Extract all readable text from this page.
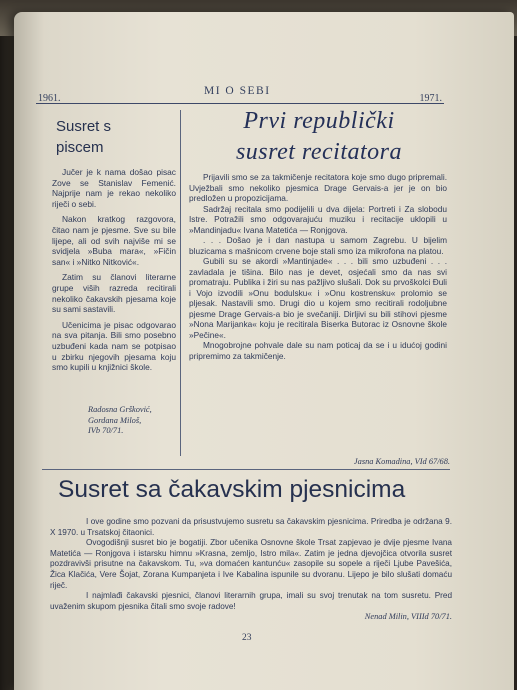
1961.
MI O SEBI
1971.
Susret s
piscem

Jučer je k nama došao pisac Zove se Stanislav Femenić. Najprije nam je rekao nekoliko riječi o sebi.

Nakon kratkog razgovora, čitao nam je pjesme. Sve su bile lijepe, ali od svih najviše mi se svidjela »Buba mara«, »Fičin san« i »Nitko Nitković«.

Zatim su članovi literarne grupe viših razreda recitirali nekoliko čakavskih pjesama koje su sami sastavili.

Učenicima je pisac odgovarao na sva pitanja. Bili smo posebno uzbuđeni kada nam se potpisao u zbirku njegovih pjesama koju smo kupili u knjižnici škole.

Radosna Gršković,
Gordana Miloš,
IVb 70/71.
Prvi republički
susret recitatora

Prijavili smo se za takmičenje recitatora koje smo dugo pripremali. Uvježbali smo nekoliko pjesmica Drage Gervais-a jer je on bio predložen u propozicijama.

Sadržaj recitala smo podijelili u dva dijela: Portreti i Za slobodu Istre. Potražili smo odgovarajuću muziku i recitacije uklopili u »Mandinjadu« Ivana Matetića — Ronjgova.

. . . Došao je i dan nastupa u samom Zagrebu. U bijelim bluzicama s mašnicom crvene boje stali smo iza mikrofona na platou.

Gubili su se akordi »Mantinjade« . . . bili smo uzbuđeni . . . zavladala je tišina. Bilo nas je devet, osjećali smo da nas svi promatraju. Publika i žiri su nas pažljivo slušali. Dok su prvoškolci Đuli i Vojo izvodili »Onu bodulsku« i »Onu kostrensku« prolomio se pljesak. Nastavili smo. Drugi dio u kojem smo recitirali rodoljubne pjesme Drage Gervais-a bio je svečaniji. Dirljivi su bili stihovi pjesme »Nona Marijanka« koju je recitirala Biserka Butorac iz Osnovne škole »Pečine«.

Mnogobrojne pohvale dale su nam poticaj da se i u idućoj godini pripremimo za takmičenje.

Jasna Komadina, VId 67/68.
Susret sa čakavskim pjesnicima

I ove godine smo pozvani da prisustvujemo susretu sa čakavskim pjesnicima. Priredba je održana 9. X 1970. u Trsatskoj čitaonici.

Ovogodišnji susret bio je bogatiji. Zbor učenika Osnovne škole Trsat zapjevao je dvije pjesme Ivana Matetića — Ronjgova i istarsku himnu »Krasna, zemljo, Istro mila«. Zatim je jedna djevojčica otvorila susret pozdravivši prisutne na čakavskom. Tu, »va domaćen kantunću« zasopile su sopele a riječi Ljube Pavešića, Žica Klačića, Vere Šojat, Zorana Kumpanjeta i Ive Kabalina ispunile su dvoranu. Lijepo je bilo slušati domaću riječ.

I najmlađi čakavski pjesnici, članovi literarnih grupa, imali su svoj trenutak na tom susretu. Pred uvaženim skupom pjesnika čitali smo svoje radove!

Nenad Milin, VIIId 70/71.
23
